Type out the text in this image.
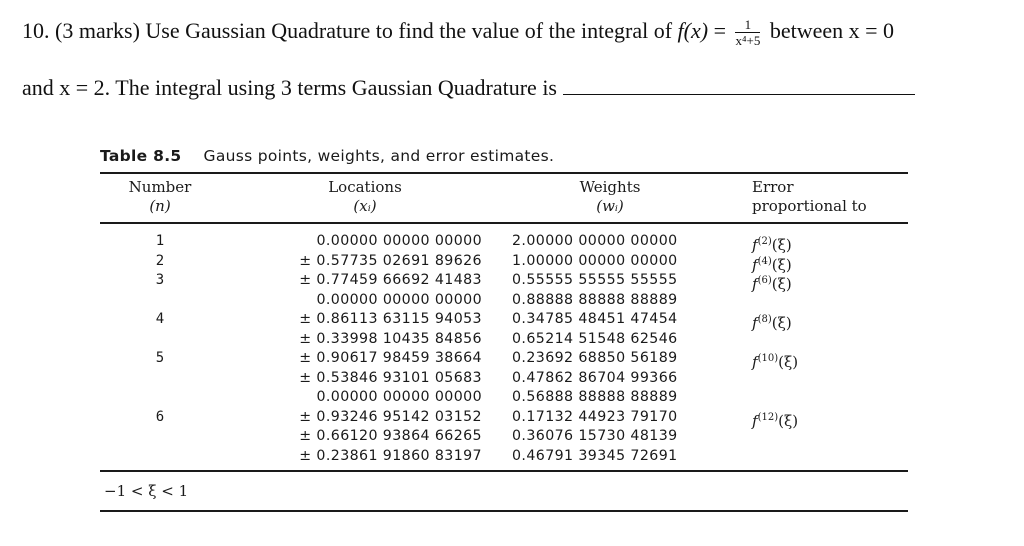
10. (3 marks) Use Gaussian Quadrature to find the value of the integral of $f(x) = \frac{1}{\text{x⁴+5}}$ between x = 0
and x = 2. The integral using 3 terms Gaussian Quadrature is
Table 8.5 Gauss points, weights, and error estimates.
Number
(n)
Locations
(xᵢ)
Weights
(wᵢ)
Error
proportional to
1
2
3
4
5
6
0.00000 00000 00000
± 0.57735 02691 89626
± 0.77459 66692 41483
0.00000 00000 00000
± 0.86113 63115 94053
± 0.33998 10435 84856
± 0.90617 98459 38664
± 0.53846 93101 05683
0.00000 00000 00000
± 0.93246 95142 03152
± 0.66120 93864 66265
± 0.23861 91860 83197
2.00000 00000 00000
1.00000 00000 00000
0.55555 55555 55555
0.88888 88888 88889
0.34785 48451 47454
0.65214 51548 62546
0.23692 68850 56189
0.47862 86704 99366
0.56888 88888 88889
0.17132 44923 79170
0.36076 15730 48139
0.46791 39345 72691
$f^{(2)}(\xi)$
$f^{(4)}(\xi)$
$f^{(6)}(\xi)$
$f^{(8)}(\xi)$
$f^{(10)}(\xi)$
$f^{(12)}(\xi)$
−1 < ξ < 1
